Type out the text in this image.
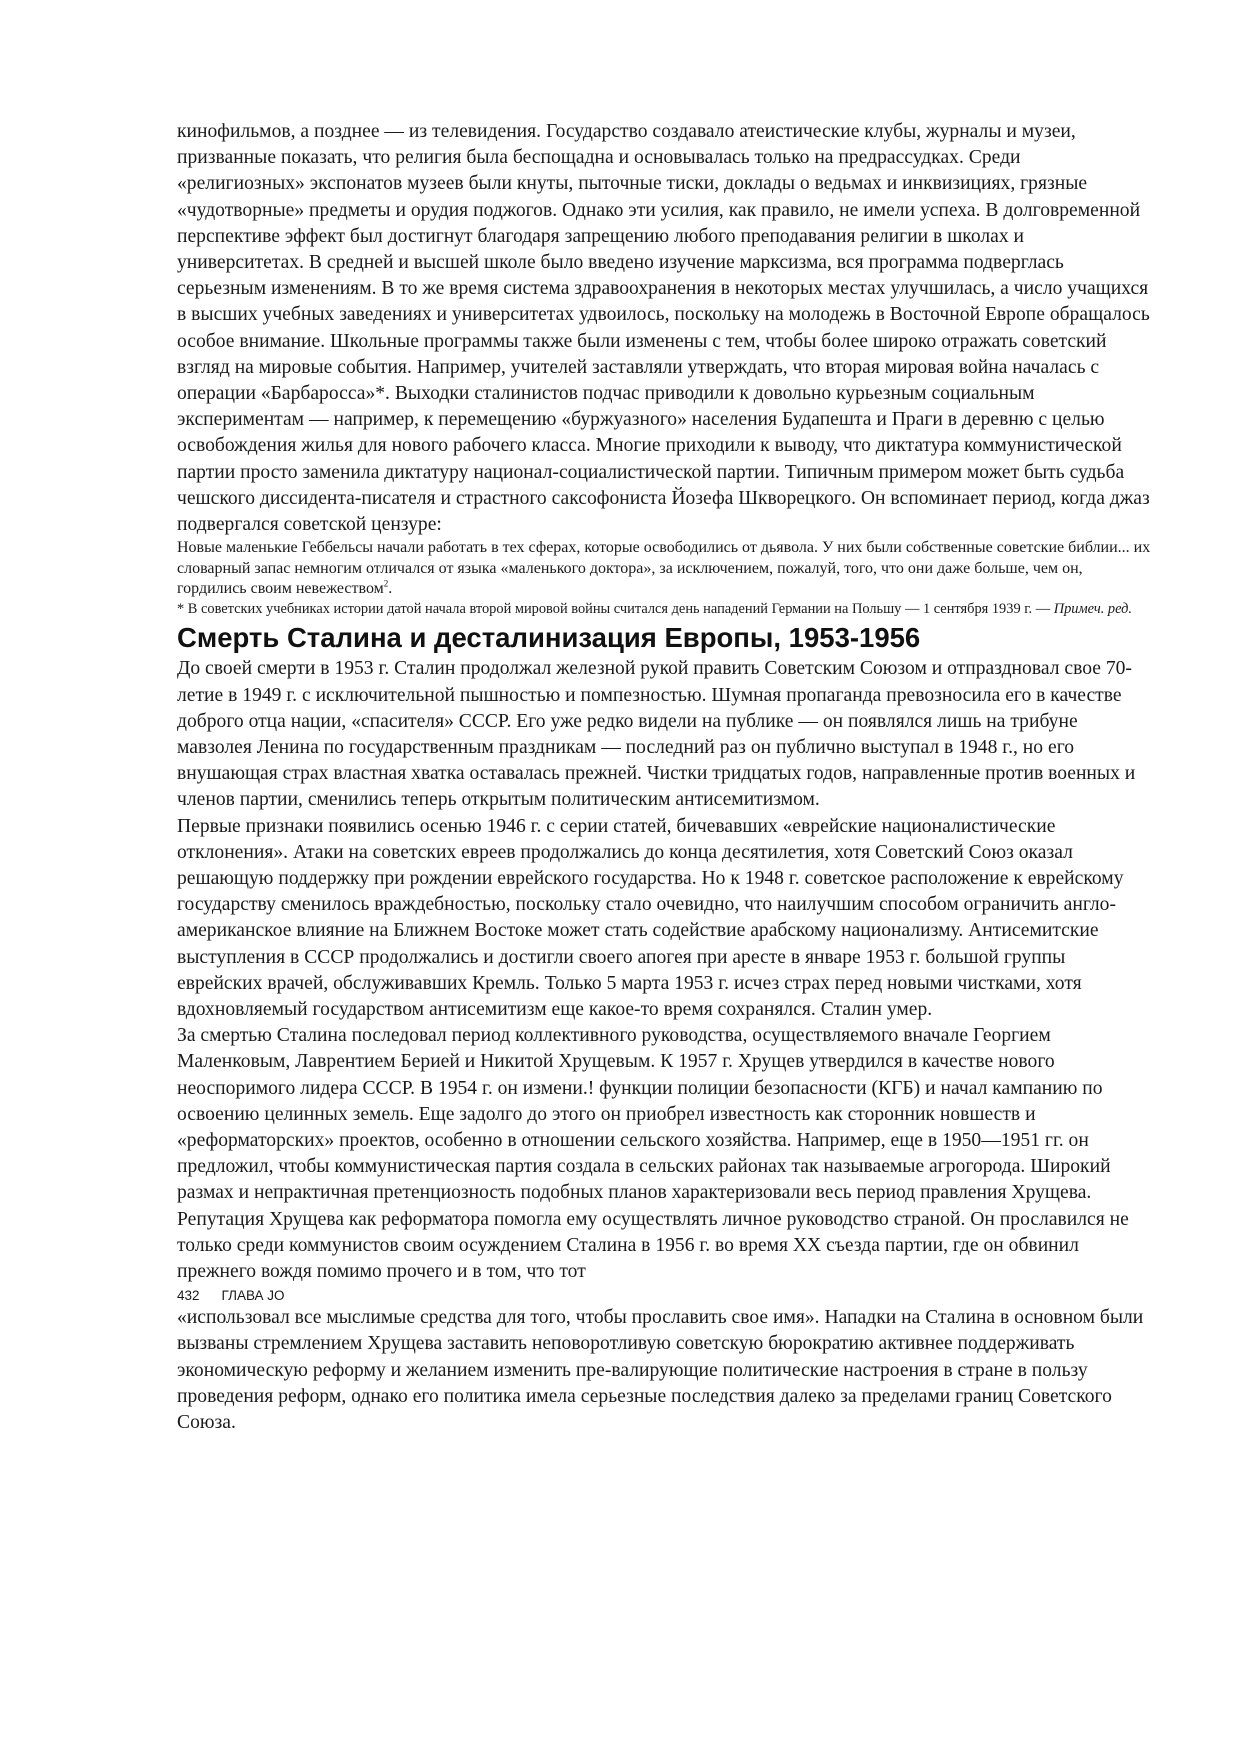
кинофильмов, а позднее — из телевидения. Государство создавало атеистические клубы, журналы и музеи, призванные показать, что религия была беспощадна и основывалась только на предрассудках. Среди «религиозных» экспонатов музеев были кнуты, пыточные тиски, доклады о ведьмах и инквизициях, грязные «чудотворные» предметы и орудия поджогов. Однако эти усилия, как правило, не имели успеха. В долговременной перспективе эффект был достигнут благодаря запрещению любого преподавания религии в школах и университетах. В средней и высшей школе было введено изучение марксизма, вся программа подверглась серьезным изменениям. В то же время система здравоохранения в некоторых местах улучшилась, а число учащихся в высших учебных заведениях и университетах удвоилось, поскольку на молодежь в Восточной Европе обращалось особое внимание. Школьные программы также были изменены с тем, чтобы более широко отражать советский взгляд на мировые события. Например, учителей заставляли утверждать, что вторая мировая война началась с операции «Барбаросса»*. Выходки сталинистов подчас приводили к довольно курьезным социальным экспериментам — например, к перемещению «буржуазного» населения Будапешта и Праги в деревню с целью освобождения жилья для нового рабочего класса. Многие приходили к выводу, что диктатура коммунистической партии просто заменила диктатуру национал-социалистической партии. Типичным примером может быть судьба чешского диссидента-писателя и страстного саксофониста Йозефа Шкворецкого. Он вспоминает период, когда джаз подвергался советской цензуре:

Новые маленькие Геббельсы начали работать в тех сферах, которые освободились от дьявола. У них были собственные советские библии... их словарный запас немногим отличался от языка «маленького доктора», за исключением, пожалуй, того, что они даже больше, чем он, гордились своим невежеством$^2$.

* В советских учебниках истории датой начала второй мировой войны считался день нападений Германии на Польшу — 1 сентября 1939 г. — Примеч. ред.

Смерть Сталина и десталинизация Европы, 1953-1956

До своей смерти в 1953 г. Сталин продолжал железной рукой править Советским Союзом и отпраздновал свое 70-летие в 1949 г. с исключительной пышностью и помпезностью. Шумная пропаганда превозносила его в качестве доброго отца нации, «спасителя» СССР. Его уже редко видели на публике — он появлялся лишь на трибуне мавзолея Ленина по государственным праздникам — последний раз он публично выступал в 1948 г., но его внушающая страх властная хватка оставалась прежней. Чистки тридцатых годов, направленные против военных и членов партии, сменились теперь открытым политическим антисемитизмом.

Первые признаки появились осенью 1946 г. с серии статей, бичевавших «еврейские националистические отклонения». Атаки на советских евреев продолжались до конца десятилетия, хотя Советский Союз оказал решающую поддержку при рождении еврейского государства. Но к 1948 г. советское расположение к еврейскому государству сменилось враждебностью, поскольку стало очевидно, что наилучшим способом ограничить англо-американское влияние на Ближнем Востоке может стать содействие арабскому национализму. Антисемитские выступления в СССР продолжались и достигли своего апогея при аресте в январе 1953 г. большой группы еврейских врачей, обслуживавших Кремль. Только 5 марта 1953 г. исчез страх перед новыми чистками, хотя вдохновляемый государством антисемитизм еще какое-то время сохранялся. Сталин умер.

За смертью Сталина последовал период коллективного руководства, осуществляемого вначале Георгием Маленковым, Лаврентием Берией и Никитой Хрущевым. К 1957 г. Хрущев утвердился в качестве нового неоспоримого лидера СССР. В 1954 г. он измени.! функции полиции безопасности (КГБ) и начал кампанию по освоению целинных земель. Еще задолго до этого он приобрел известность как сторонник новшеств и «реформаторских» проектов, особенно в отношении сельского хозяйства. Например, еще в 1950—1951 гг. он предложил, чтобы коммунистическая партия создала в сельских районах так называемые агрогорода. Широкий размах и непрактичная претенциозность подобных планов характеризовали весь период правления Хрущева.

Репутация Хрущева как реформатора помогла ему осуществлять личное руководство страной. Он прославился не только среди коммунистов своим осуждением Сталина в 1956 г. во время XX съезда партии, где он обвинил прежнего вождя помимо прочего и в том, что тот

432 ГЛАВА JO

«использовал все мыслимые средства для того, чтобы прославить свое имя». Нападки на Сталина в основном были вызваны стремлением Хрущева заставить неповоротливую советскую бюрократию активнее поддерживать экономическую реформу и желанием изменить пре-валирующие политические настроения в стране в пользу проведения реформ, однако его политика имела серьезные последствия далеко за пределами границ Советского Союза.
